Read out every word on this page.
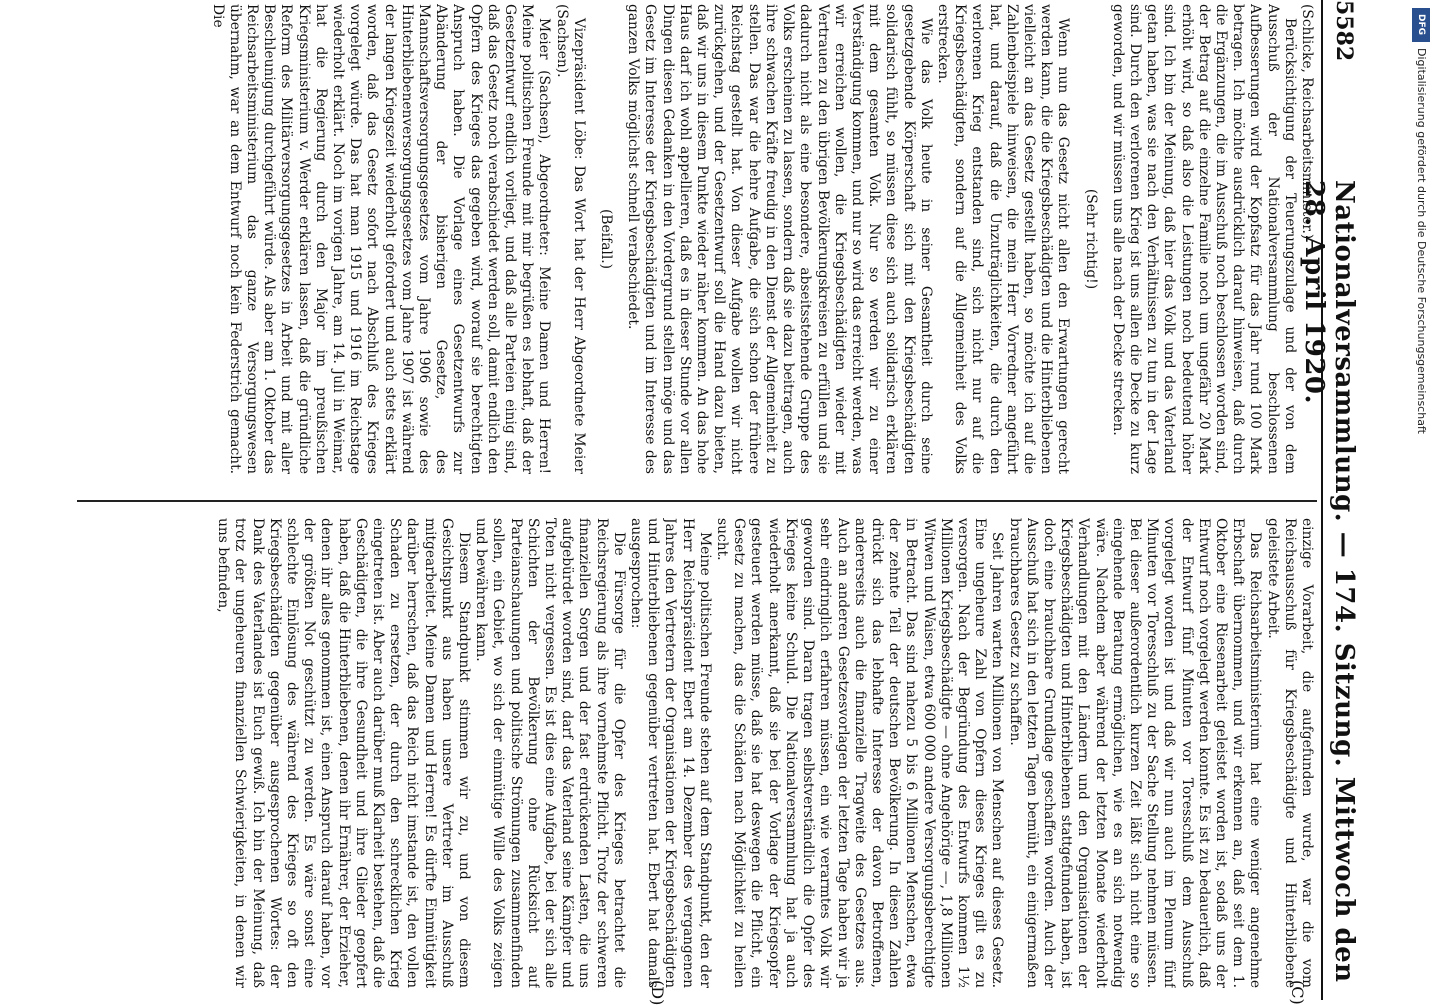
5582
Nationalversammlung. — 174. Sitzung. Mittwoch den 28. April 1920.
(C)
(D)

(Schlicke, Reichsarbeitsminister.)

Berücksichtigung der Teuerungszulage und der von dem Ausschuß der Nationalversammlung beschlossenen Aufbesserungen wird der Kopfsatz für das Jahr rund 100 Mark betragen. Ich möchte ausdrücklich darauf hinweisen, daß durch die Ergänzungen, die im Ausschuß noch beschlossen worden sind, der Betrag auf die einzelne Familie noch um ungefähr 20 Mark erhöht wird, so daß also die Leistungen noch bedeutend höher sind. Ich bin der Meinung, daß hier das Volk und das Vaterland getan haben, was sie nach den Verhältnissen zu tun in der Lage sind. Durch den verlorenen Krieg ist uns allen die Decke zu kurz geworden, und wir müssen uns alle nach der Decke strecken.

(Sehr richtig!)

Wenn nun das Gesetz nicht allen den Erwartungen gerecht werden kann, die die Kriegsbeschädigten und die Hinterbliebenen vielleicht an das Gesetz gestellt haben, so möchte ich auf die Zahlenbeispiele hinweisen, die mein Herr Vorredner angeführt hat, und darauf, daß die Unzuträglichkeiten, die durch den verlorenen Krieg entstanden sind, sich nicht nur auf die Kriegsbeschädigten, sondern auf die Allgemeinheit des Volks erstrecken.

Wie das Volk heute in seiner Gesamtheit durch seine gesetzgebende Körperschaft sich mit den Kriegsbeschädigten solidarisch fühlt, so müssen diese sich auch solidarisch erklären mit dem gesamten Volk. Nur so werden wir zu einer Verständigung kommen, und nur so wird das erreicht werden, was wir erreichen wollen, die Kriegsbeschädigten wieder mit Vertrauen zu den übrigen Bevölkerungskreisen zu erfüllen und sie dadurch nicht als eine besondere, abseitsstehende Gruppe des Volks erscheinen zu lassen, sondern daß sie dazu beitragen, auch ihre schwachen Kräfte freudig in den Dienst der Allgemeinheit zu stellen. Das war die hehre Aufgabe, die sich schon der frühere Reichstag gestellt hat. Von dieser Aufgabe wollen wir nicht zurückgehen, und der Gesetzentwurf soll die Hand dazu bieten, daß wir uns in diesem Punkte wieder näher kommen. An das hohe Haus darf ich wohl appellieren, daß es in dieser Stunde vor allen Dingen diesen Gedanken in den Vordergrund stellen möge und das Gesetz im Interesse der Kriegsbeschädigten und im Interesse des ganzen Volks möglichst schnell verabschiedet.

(Beifall.)

Vizepräsident Löbe: Das Wort hat der Herr Abgeordnete Meier (Sachsen).

Meier (Sachsen), Abgeordneter: Meine Damen und Herren! Meine politischen Freunde mit mir begrüßen es lebhaft, daß der Gesetzentwurf endlich vorliegt, und daß alle Parteien einig sind, daß das Gesetz noch verabschiedet werden soll, damit endlich den Opfern des Krieges das gegeben wird, worauf sie berechtigten Anspruch haben. Die Vorlage eines Gesetzentwurfs zur Abänderung der bisherigen Gesetze, des Mannschaftsversorgungsgesetzes vom Jahre 1906 sowie des Hinterbliebenenversorgungsgesetzes vom Jahre 1907 ist während der langen Kriegszeit wiederholt gefordert und auch stets erklärt worden, daß das Gesetz sofort nach Abschluß des Krieges vorgelegt würde. Das hat man 1915 und 1916 im Reichstage wiederholt erklärt. Noch im vorigen Jahre, am 14. Juli in Weimar, hat die Regierung durch den Major im preußischen Kriegsministerium v. Werder erklären lassen, daß die gründliche Reform des Militärversorgungsgesetzes in Arbeit und mit aller Beschleunigung durchgeführt würde. Als aber am 1. Oktober das Reichsarbeitsministerium das ganze Versorgungswesen übernahm, war an dem Entwurf noch kein Federstrich gemacht. Die

einzige Vorarbeit, die aufgefunden wurde, war die vom Reichsausschuß für Kriegsbeschädigte und Hinterbliebene geleistete Arbeit.

Das Reichsarbeitsministerium hat eine weniger angenehme Erbschaft übernommen, und wir erkennen an, daß seit dem 1. Oktober eine Riesenarbeit geleistet worden ist, sodaß uns der Entwurf noch vorgelegt werden konnte. Es ist zu bedauerlich, daß der Entwurf fünf Minuten vor Toresschluß dem Ausschuß vorgelegt worden ist und daß wir nun auch im Plenum fünf Minuten vor Toresschluß zu der Sache Stellung nehmen müssen. Bei dieser außerordentlich kurzen Zeit läßt sich nicht eine so eingehende Beratung ermöglichen, wie es an sich notwendig wäre. Nachdem aber während der letzten Monate wiederholt Verhandlungen mit den Ländern und den Organisationen der Kriegsbeschädigten und Hinterbliebenen stattgefunden haben, ist doch eine brauchbare Grundlage geschaffen worden. Auch der Ausschuß hat sich in den letzten Tagen bemüht, ein einigermaßen brauchbares Gesetz zu schaffen.

Seit Jahren warten Millionen von Menschen auf dieses Gesetz. Eine ungeheure Zahl von Opfern dieses Krieges gilt es zu versorgen. Nach der Begründung des Entwurfs kommen 1½ Millionen Kriegsbeschädigte — ohne Angehörige —, 1,8 Millionen Witwen und Waisen, etwa 600 000 andere Versorgungsberechtigte in Betracht. Das sind nahezu 5 bis 6 Millionen Menschen, etwa der zehnte Teil der deutschen Bevölkerung. In diesen Zahlen drückt sich das lebhafte Interesse der davon Betroffenen, andererseits auch die finanzielle Tragweite des Gesetzes aus. Auch an anderen Gesetzesvorlagen der letzten Tage haben wir ja sehr eindringlich erfahren müssen, ein wie verarmtes Volk wir geworden sind. Daran tragen selbstverständlich die Opfer des Krieges keine Schuld. Die Nationalversammlung hat ja auch wiederholt anerkannt, daß sie bei der Vorlage der Kriegsopfer gesteuert werden müsse, daß sie hat deswegen die Pflicht, ein Gesetz zu machen, das die Schäden nach Möglichkeit zu heilen sucht.

Meine politischen Freunde stehen auf dem Standpunkt, den der Herr Reichspräsident Ebert am 14. Dezember des vergangenen Jahres den Vertretern der Organisationen der Kriegsbeschädigten und Hinterbliebenen gegenüber vertreten hat. Ebert hat damals ausgesprochen:

Die Fürsorge für die Opfer des Krieges betrachtet die Reichsregierung als ihre vornehmste Pflicht. Trotz der schweren finanziellen Sorgen und der fast erdrückenden Lasten, die uns aufgebürdet worden sind, darf das Vaterland seine Kämpfer und Toten nicht vergessen. Es ist dies eine Aufgabe, bei der sich alle Schichten der Bevölkerung ohne Rücksicht auf Parteianschauungen und politische Strömungen zusammenfinden sollen, ein Gebiet, wo sich der einmütige Wille des Volks zeigen und bewähren kann.

Diesem Standpunkt stimmen wir zu, und von diesem Gesichtspunkt aus haben unsere Vertreter im Ausschuß mitgearbeitet. Meine Damen und Herren! Es dürfte Einmütigkeit darüber herrschen, daß das Reich nicht imstande ist, den vollen Schaden zu ersetzen, der durch den schrecklichen Krieg eingetreten ist. Aber auch darüber muß Klarheit bestehen, daß die Geschädigten, die ihre Gesundheit und ihre Glieder geopfert haben, daß die Hinterbliebenen, denen ihr Ernährer, der Erzieher, denen ihr alles genommen ist, einen Anspruch darauf haben, vor der größten Not geschützt zu werden. Es wäre sonst eine schlechte Einlösung des während des Krieges so oft den Kriegsbeschädigten gegenüber ausgesprochenen Wortes: der Dank des Vaterlandes ist Euch gewiß. Ich bin der Meinung, daß trotz der ungeheuren finanziellen Schwierigkeiten, in denen wir uns befinden,

Digitalisierung gefördert durch die Deutsche Forschungsgemeinschaft
DFG
